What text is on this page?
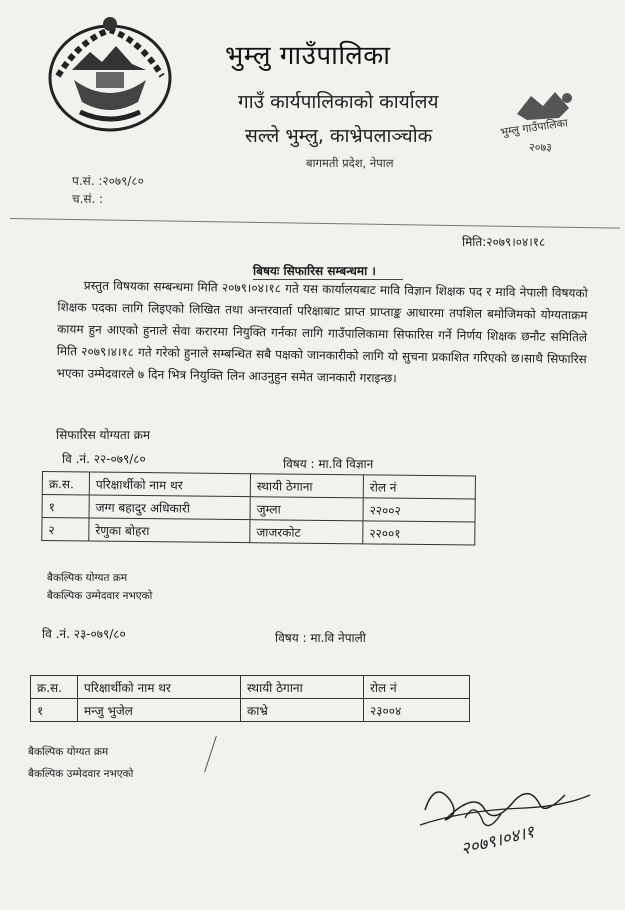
भुम्लु गाउँपालिका
गाउँ कार्यपालिकाको कार्यालय
सल्ले भुम्लु, काभ्रेपलाञ्चोक
बागमती प्रदेश, नेपाल
भुम्लु गाउँपालिका
२०७३
प.सं. :२०७९/८०
च.सं. :
मिति:२०७९।०४।१८
बिषयः सिफारिस सम्बन्धमा ।

प्रस्तुत विषयका सम्बन्धमा मिति २०७९।०४।१८ गते यस कार्यालयबाट मावि विज्ञान शिक्षक पद र मावि नेपाली विषयको शिक्षक पदका लागि लिइएको लिखित तथा अन्तरवार्ता परिक्षाबाट प्राप्त प्राप्ताङ्क आधारमा तपशिल बमोजिमको योग्यताक्रम कायम हुन आएको हुनाले सेवा करारमा नियुक्ति गर्नका लागि गाउँपालिकामा सिफारिस गर्ने निर्णय शिक्षक छनौट समितिले मिति २०७९।४।१८ गते गरेको हुनाले सम्बन्धित सबै पक्षको जानकारीको लागि यो सुचना प्रकाशित गरिएको छ।साथै सिफारिस भएका उम्मेदवारले ७ दिन भित्र नियुक्ति लिन आउनुहुन समेत जानकारी गराइन्छ।

सिफारिस योग्यता क्रम
वि .नं. २२-०७९/८०	विषय : मा.वि विज्ञान
क्र.स.	परिक्षार्थीको नाम थर	स्थायी ठेगाना	रोल नं
१	जग्ग बहादुर अधिकारी	जुम्ला	२२००२
२	रेणुका बोहरा	जाजरकोट	२२००१
बैकल्पिक योग्यत क्रम
बैकल्पिक उम्मेदवार नभएको
वि .नं. २३-०७९/८०	विषय : मा.वि नेपाली
क्र.स.	परिक्षार्थीको नाम थर	स्थायी ठेगाना	रोल नं
१	मन्जु भुजेल	काभ्रे	२३००४
बैकल्पिक योग्यत क्रम
बैकल्पिक उम्मेदवार नभएको
२०७९।०४।१
